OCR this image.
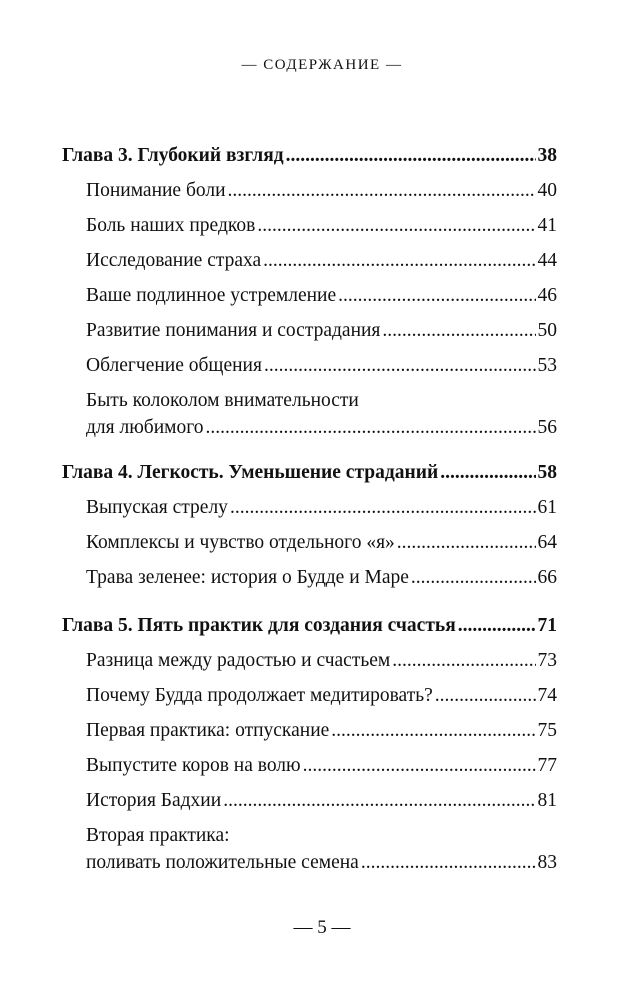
— СОДЕРЖАНИЕ —
Глава 3. Глубокий взгляд .....	38
Понимание боли .....	40
Боль наших предков .....	41
Исследование страха .....	44
Ваше подлинное устремление .....	46
Развитие понимания и сострадания .....	50
Облегчение общения .....	53
Быть колоколом внимательности
для любимого .....	56
Глава 4. Легкость. Уменьшение страданий .....	58
Выпуская стрелу .....	61
Комплексы и чувство отдельного «я» .....	64
Трава зеленее: история о Будде и Маре .....	66
Глава 5. Пять практик для создания счастья .....	71
Разница между радостью и счастьем .....	73
Почему Будда продолжает медитировать? .....	74
Первая практика: отпускание .....	75
Выпустите коров на волю .....	77
История Бадхии .....	81
Вторая практика:
поливать положительные семена .....	83
— 5 —
